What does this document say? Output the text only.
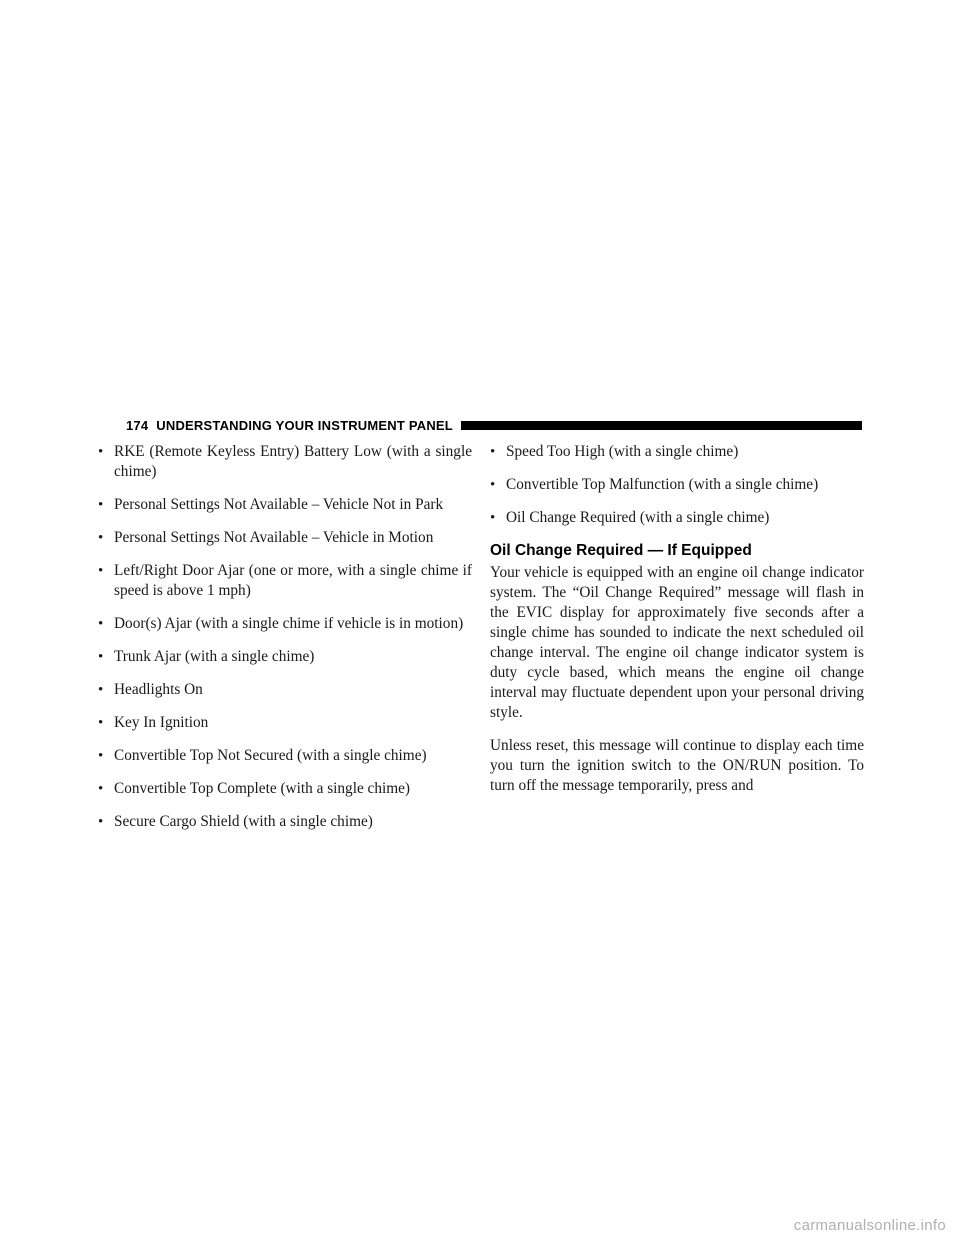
174 UNDERSTANDING YOUR INSTRUMENT PANEL
• RKE (Remote Keyless Entry) Battery Low (with a single chime)
• Personal Settings Not Available – Vehicle Not in Park
• Personal Settings Not Available – Vehicle in Motion
• Left/Right Door Ajar (one or more, with a single chime if speed is above 1 mph)
• Door(s) Ajar (with a single chime if vehicle is in motion)
• Trunk Ajar (with a single chime)
• Headlights On
• Key In Ignition
• Convertible Top Not Secured (with a single chime)
• Convertible Top Complete (with a single chime)
• Secure Cargo Shield (with a single chime)
• Speed Too High (with a single chime)
• Convertible Top Malfunction (with a single chime)
• Oil Change Required (with a single chime)
Oil Change Required — If Equipped

Your vehicle is equipped with an engine oil change indicator system. The “Oil Change Required” message will flash in the EVIC display for approximately five seconds after a single chime has sounded to indicate the next scheduled oil change interval. The engine oil change indicator system is duty cycle based, which means the engine oil change interval may fluctuate dependent upon your personal driving style.

Unless reset, this message will continue to display each time you turn the ignition switch to the ON/RUN position. To turn off the message temporarily, press and

carmanualsonline.info
